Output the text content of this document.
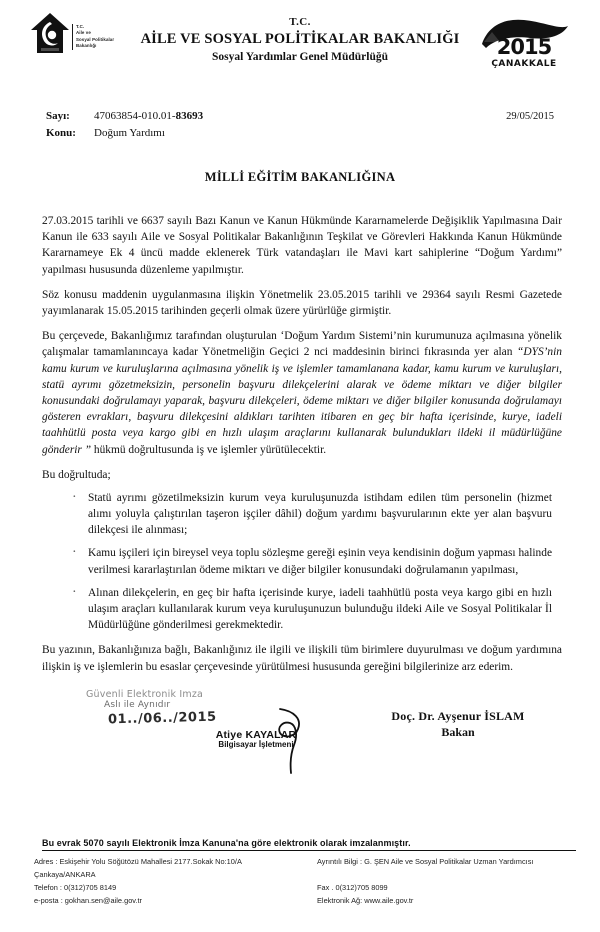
T.C.
Aile ve
Sosyal Politikalar
Bakanlığı
T.C.
AİLE VE SOSYAL POLİTİKALAR BAKANLIĞI
Sosyal Yardımlar Genel Müdürlüğü	2015
ÇANAKKALE
Sayı:	47063854-010.01-83693
Konu:	Doğum Yardımı
29/05/2015
MİLLİ EĞİTİM BAKANLIĞINA

27.03.2015 tarihli ve 6637 sayılı Bazı Kanun ve Kanun Hükmünde Kararnamelerde Değişiklik Yapılmasına Dair Kanun ile 633 sayılı Aile ve Sosyal Politikalar Bakanlığının Teşkilat ve Görevleri Hakkında Kanun Hükmünde Kararnameye Ek 4 üncü madde eklenerek Türk vatandaşları ile Mavi kart sahiplerine “Doğum Yardımı” yapılması hususunda düzenleme yapılmıştır.

Söz konusu maddenin uygulanmasına ilişkin Yönetmelik 23.05.2015 tarihli ve 29364 sayılı Resmi Gazetede yayımlanarak 15.05.2015 tarihinden geçerli olmak üzere yürürlüğe girmiştir.

Bu çerçevede, Bakanlığımız tarafından oluşturulan ‘Doğum Yardım Sistemi’nin kurumunuza açılmasına yönelik çalışmalar tamamlanıncaya kadar Yönetmeliğin Geçici 2 nci maddesinin birinci fıkrasında yer alan “DYS’nin kamu kurum ve kuruluşlarına açılmasına yönelik iş ve işlemler tamamlanana kadar, kamu kurum ve kuruluşları, statü ayrımı gözetmeksizin, personelin başvuru dilekçelerini alarak ve ödeme miktarı ve diğer bilgiler konusundaki doğrulamayı yaparak, başvuru dilekçeleri, ödeme miktarı ve diğer bilgiler konusunda doğrulamayı gösteren evrakları, başvuru dilekçesini aldıkları tarihten itibaren en geç bir hafta içerisinde, kurye, iadeli taahhütlü posta veya kargo gibi en hızlı ulaşım araçlarını kullanarak bulundukları ildeki il müdürlüğüne gönderir ” hükmü doğrultusunda iş ve işlemler yürütülecektir.

Bu doğrultuda;

· Statü ayrımı gözetilmeksizin kurum veya kuruluşunuzda istihdam edilen tüm personelin (hizmet alımı yoluyla çalıştırılan taşeron işçiler dâhil) doğum yardımı başvurularının ekte yer alan başvuru dilekçesi ile alınması;
· Kamu işçileri için bireysel veya toplu sözleşme gereği eşinin veya kendisinin doğum yapması halinde verilmesi kararlaştırılan ödeme miktarı ve diğer bilgiler konusundaki doğrulamanın yapılması,
· Alınan dilekçelerin, en geç bir hafta içerisinde kurye, iadeli taahhütlü posta veya kargo gibi en hızlı ulaşım araçları kullanılarak kurum veya kuruluşunuzun bulunduğu ildeki Aile ve Sosyal Politikalar İl Müdürlüğüne gönderilmesi gerekmektedir.

Bu yazının, Bakanlığınıza bağlı, Bakanlığınız ile ilgili ve ilişkili tüm birimlere duyurulması ve doğum yardımına ilişkin iş ve işlemlerin bu esaslar çerçevesinde yürütülmesi hususunda gereğini bilgilerinize arz ederim.

Güvenli Elektronik İmza
Aslı ile Aynıdır
01../06../2015
Atiye KAYALAR
Bilgisayar İşletmeni
Doç. Dr. Ayşenur İSLAM
Bakan
Bu evrak 5070 sayılı Elektronik İmza Kanuna'na göre elektronik olarak imzalanmıştır.
Adres : Eskişehir Yolu Söğütözü Mahallesi 2177.Sokak No:10/A
Çankaya/ANKARA
Telefon : 0(312)705 8149
e-posta : gokhan.sen@aile.gov.tr
Ayrıntılı Bilgi : G. ŞEN Aile ve Sosyal Politikalar Uzman Yardımcısı

Fax . 0(312)705 8099
Elektronik Ağ: www.aile.gov.tr
